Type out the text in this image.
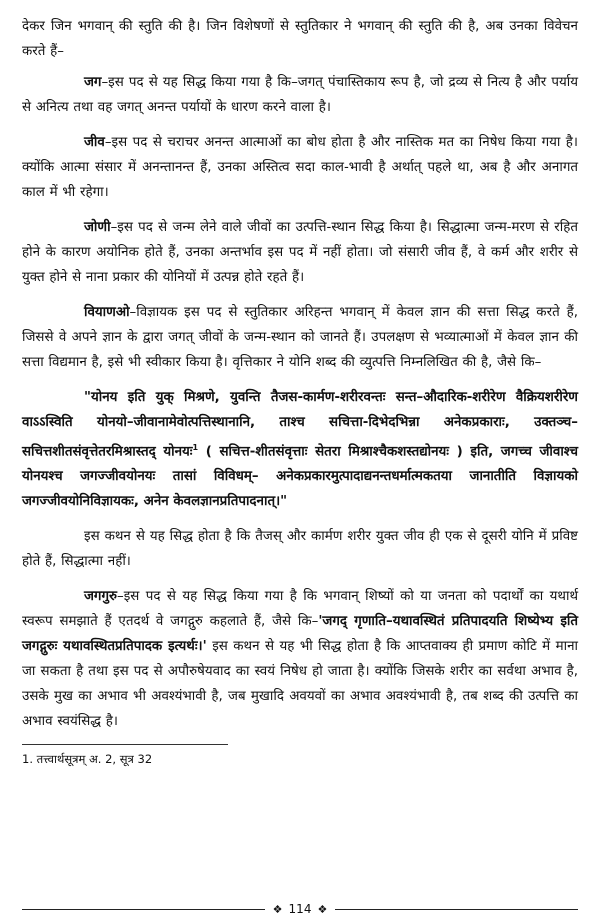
देकर जिन भगवान् की स्तुति की है। जिन विशेषणों से स्तुतिकार ने भगवान् की स्तुति की है, अब उनका विवेचन करते हैं–

जग–इस पद से यह सिद्ध किया गया है कि–जगत् पंचास्तिकाय रूप है, जो द्रव्य से नित्य है और पर्याय से अनित्य तथा वह जगत् अनन्त पर्यायों के धारण करने वाला है।

जीव–इस पद से चराचर अनन्त आत्माओं का बोध होता है और नास्तिक मत का निषेध किया गया है। क्योंकि आत्मा संसार में अनन्तानन्त हैं, उनका अस्तित्व सदा काल-भावी है अर्थात् पहले था, अब है और अनागत काल में भी रहेगा।

जोणी–इस पद से जन्म लेने वाले जीवों का उत्पत्ति-स्थान सिद्ध किया है। सिद्धात्मा जन्म-मरण से रहित होने के कारण अयोनिक होते हैं, उनका अन्तर्भाव इस पद में नहीं होता। जो संसारी जीव हैं, वे कर्म और शरीर से युक्त होने से नाना प्रकार की योनियों में उत्पन्न होते रहते हैं।

वियाणओ–विज्ञायक इस पद से स्तुतिकार अरिहन्त भगवान् में केवल ज्ञान की सत्ता सिद्ध करते हैं, जिससे वे अपने ज्ञान के द्वारा जगत् जीवों के जन्म-स्थान को जानते हैं। उपलक्षण से भव्यात्माओं में केवल ज्ञान की सत्ता विद्यमान है, इसे भी स्वीकार किया है। वृत्तिकार ने योनि शब्द की व्युत्पत्ति निम्नलिखित की है, जैसे कि–

"योनय इति युक् मिश्रणे, युवन्ति तैजस-कार्मण-शरीरवन्तः सन्त–औदारिक-शरीरेण वैक्रियशरीरेण वाऽऽस्विति योनयो–जीवानामेवोत्पत्तिस्थानानि, ताश्च सचित्ता-दिभेदभिन्ना अनेकप्रकाराः, उक्तञ्च–सचित्तशीतसंवृत्तेतरमिश्रास्तद् योनयः$^1$ ( सचित्त-शीतसंवृत्ताः सेतरा मिश्राश्चैकशस्तद्योनयः ) इति, जगच्च जीवाश्च योनयश्च जगज्जीवयोनयः तासां विविधम्– अनेकप्रकारमुत्पादाद्यनन्तधर्मात्मकतया जानातीति विज्ञायको जगज्जीवयोनिविज्ञायकः, अनेन केवलज्ञानप्रतिपादनात्।"

इस कथन से यह सिद्ध होता है कि तैजस् और कार्मण शरीर युक्त जीव ही एक से दूसरी योनि में प्रविष्ट होते हैं, सिद्धात्मा नहीं।

जगगुरु–इस पद से यह सिद्ध किया गया है कि भगवान् शिष्यों को या जनता को पदार्थों का यथार्थ स्वरूप समझाते हैं एतदर्थ वे जगद्गुरु कहलाते हैं, जैसे कि–'जगद् गृणाति–यथावस्थितं प्रतिपादयति शिष्येभ्य इति जगद्गुरुः यथावस्थितप्रतिपादक इत्यर्थः।' इस कथन से यह भी सिद्ध होता है कि आप्तवाक्य ही प्रमाण कोटि में माना जा सकता है तथा इस पद से अपौरुषेयवाद का स्वयं निषेध हो जाता है। क्योंकि जिसके शरीर का सर्वथा अभाव है, उसके मुख का अभाव भी अवश्यंभावी है, जब मुखादि अवयवों का अभाव अवश्यंभावी है, तब शब्द की उत्पत्ति का अभाव स्वयंसिद्ध है।

1. तत्त्वार्थसूत्रम् अ. 2, सूत्र 32

❖ 114 ❖
